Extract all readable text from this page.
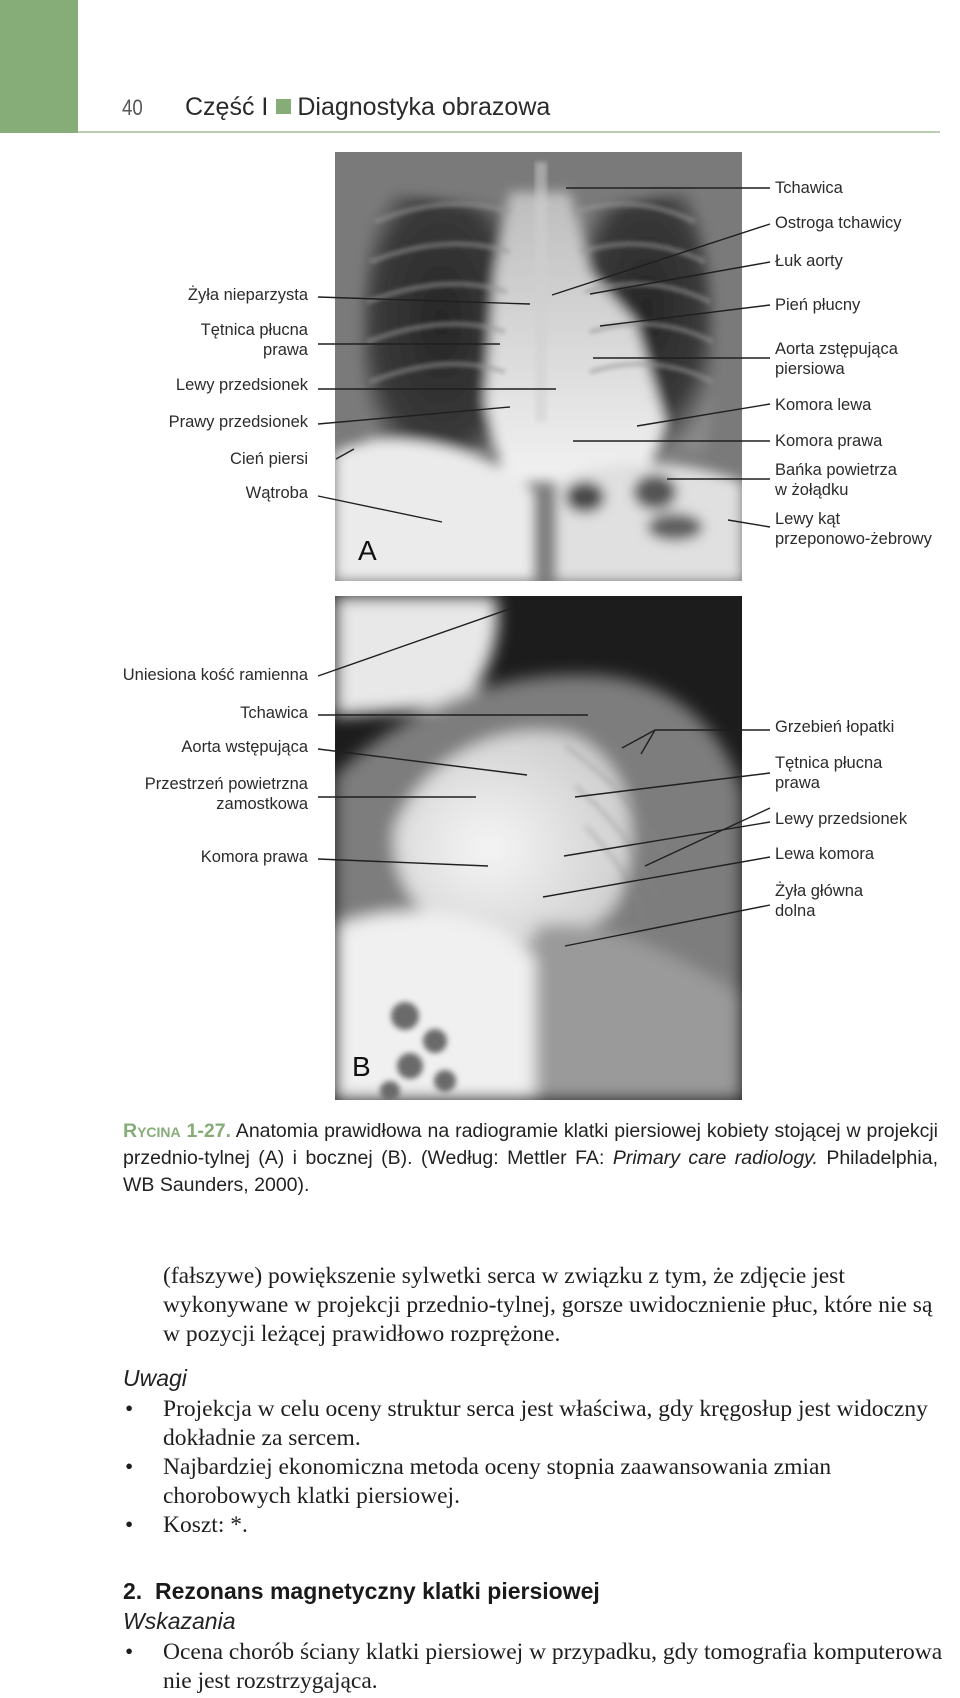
40 Część I Diagnostyka obrazowa
A
B
Żyła nieparzysta
Tętnica płucna
prawa
Lewy przedsionek
Prawy przedsionek
Cień piersi
Wątroba
Tchawica
Ostroga tchawicy
Łuk aorty
Pień płucny
Aorta zstępująca
piersiowa
Komora lewa
Komora prawa
Bańka powietrza
w żołądku
Lewy kąt
przeponowo-żebrowy
Uniesiona kość ramienna
Tchawica
Aorta wstępująca
Przestrzeń powietrzna
zamostkowa
Komora prawa
Grzebień łopatki
Tętnica płucna
prawa
Lewy przedsionek
Lewa komora
Żyła główna
dolna
Rycina 1-27. Anatomia prawidłowa na radiogramie klatki piersiowej kobiety stojącej w projekcji przednio-tylnej (A) i bocznej (B). (Według: Mettler FA: Primary care radiology. Philadelphia, WB Saunders, 2000).
(fałszywe) powiększenie sylwetki serca w związku z tym, że zdjęcie jest wykonywane w projekcji przednio-tylnej, gorsze uwidocznienie płuc, które nie są w pozycji leżącej prawidłowo rozprężone.
Uwagi
• Projekcja w celu oceny struktur serca jest właściwa, gdy kręgosłup jest widoczny dokładnie za sercem.
• Najbardziej ekonomiczna metoda oceny stopnia zaawansowania zmian chorobowych klatki piersiowej.
• Koszt: *.
2.  Rezonans magnetyczny klatki piersiowej
Wskazania
• Ocena chorób ściany klatki piersiowej w przypadku, gdy tomografia komputerowa nie jest rozstrzygająca.
